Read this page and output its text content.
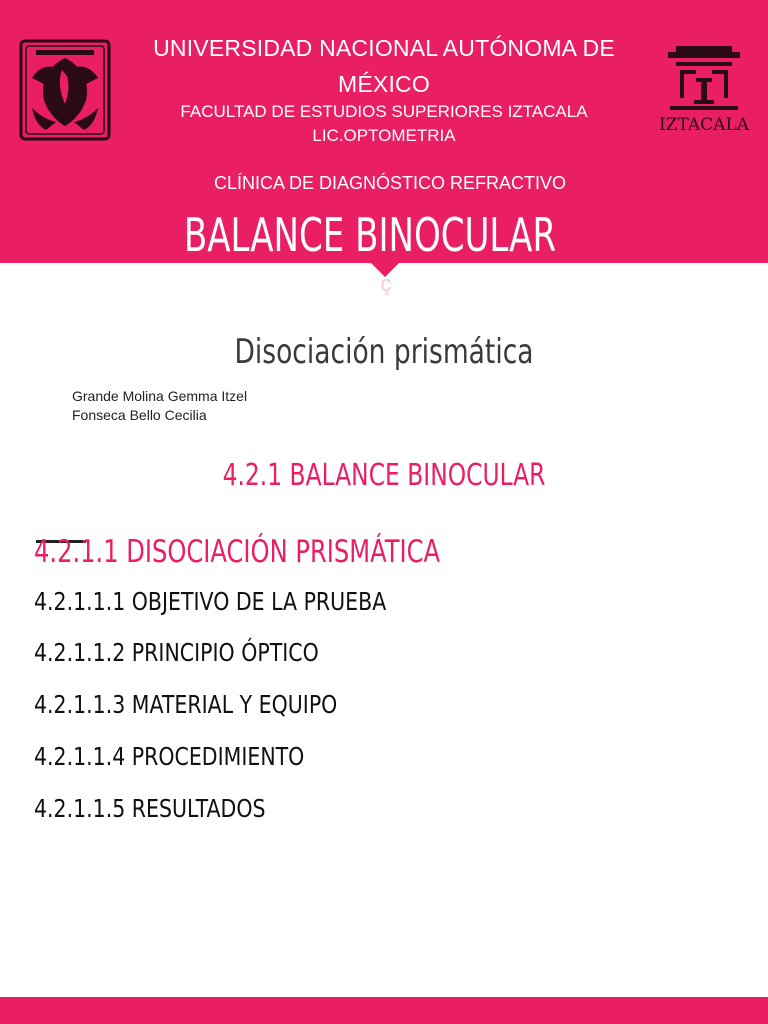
UNIVERSIDAD NACIONAL AUTÓNOMA DE MÉXICO
FACULTAD DE ESTUDIOS SUPERIORES IZTACALA
LIC.OPTOMETRIA
CLÍNICA DE DIAGNÓSTICO REFRACTIVO
BALANCE BINOCULAR
IZTACALA
ç
Disociación prismática
Grande Molina Gemma Itzel
Fonseca Bello Cecilia
4.2.1 BALANCE BINOCULAR
4.2.1.1 DISOCIACIÓN PRISMÁTICA
4.2.1.1.1 OBJETIVO DE LA PRUEBA
4.2.1.1.2 PRINCIPIO ÓPTICO
4.2.1.1.3 MATERIAL Y EQUIPO
4.2.1.1.4 PROCEDIMIENTO
4.2.1.1.5 RESULTADOS
